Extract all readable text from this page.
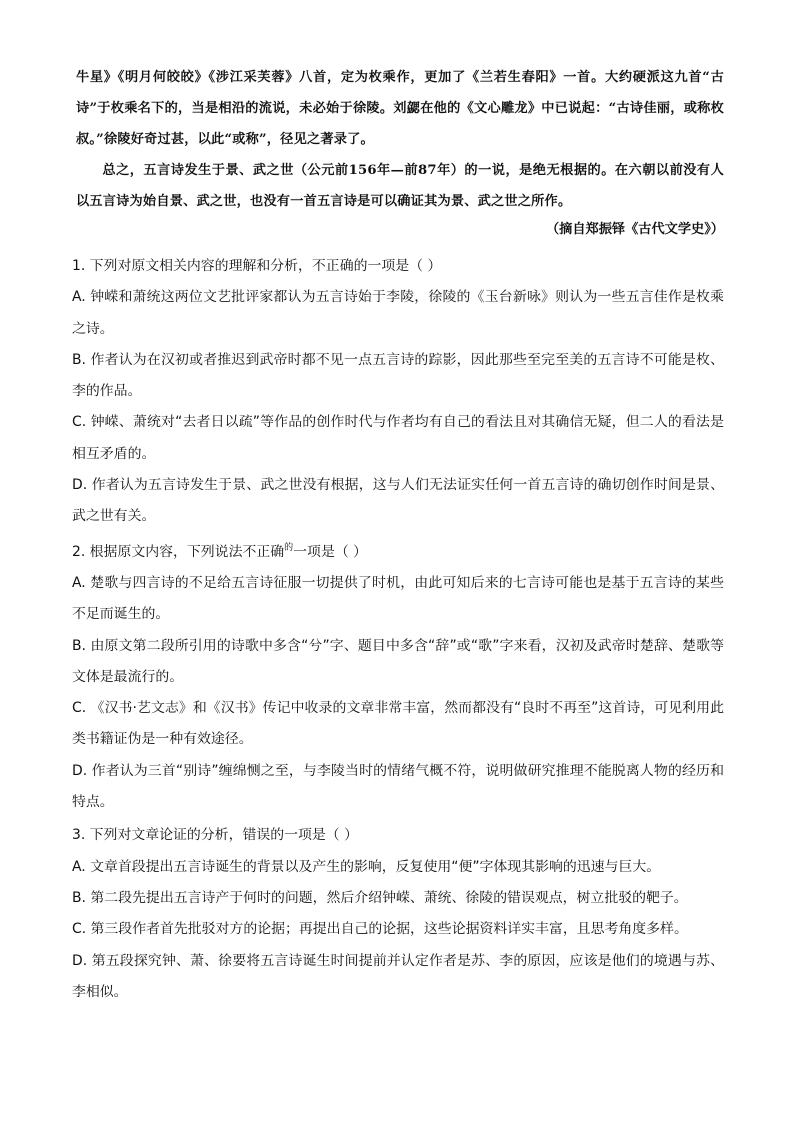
牛星》《明月何皎皎》《涉江采芙蓉》八首，定为枚乘作，更加了《兰若生春阳》一首。大约硬派这九首“古诗”于枚乘名下的，当是相沿的流说，未必始于徐陵。刘勰在他的《文心雕龙》中已说起：“古诗佳丽，或称枚叔。”徐陵好奇过甚，以此“或称”，径见之著录了。

总之，五言诗发生于景、武之世（公元前156年—前87年）的一说，是绝无根据的。在六朝以前没有人以五言诗为始自景、武之世，也没有一首五言诗是可以确证其为景、武之世之所作。

（摘自郑振铎《古代文学史》）

1. 下列对原文相关内容的理解和分析，不正确的一项是（ ）

A. 钟嵘和萧统这两位文艺批评家都认为五言诗始于李陵，徐陵的《玉台新咏》则认为一些五言佳作是枚乘之诗。

B. 作者认为在汉初或者推迟到武帝时都不见一点五言诗的踪影，因此那些至完至美的五言诗不可能是枚、李的作品。

C. 钟嵘、萧统对“去者日以疏”等作品的创作时代与作者均有自己的看法且对其确信无疑，但二人的看法是相互矛盾的。

D. 作者认为五言诗发生于景、武之世没有根据，这与人们无法证实任何一首五言诗的确切创作时间是景、武之世有关。

2. 根据原文内容，下列说法不正确$^的$一项是（ ）

A. 楚歌与四言诗的不足给五言诗征服一切提供了时机，由此可知后来的七言诗可能也是基于五言诗的某些不足而诞生的。

B. 由原文第二段所引用的诗歌中多含“兮”字、题目中多含“辞”或“歌”字来看，汉初及武帝时楚辞、楚歌等文体是最流行的。

C. 《汉书·艺文志》和《汉书》传记中收录的文章非常丰富，然而都没有“良时不再至”这首诗，可见利用此类书籍证伪是一种有效途径。

D. 作者认为三首“别诗”缠绵恻之至，与李陵当时的情绪气概不符，说明做研究推理不能脱离人物的经历和特点。

3. 下列对文章论证的分析，错误的一项是（ ）

A. 文章首段提出五言诗诞生的背景以及产生的影响，反复使用“便”字体现其影响的迅速与巨大。

B. 第二段先提出五言诗产于何时的问题，然后介绍钟嵘、萧统、徐陵的错误观点，树立批驳的靶子。

C. 第三段作者首先批驳对方的论据；再提出自己的论据，这些论据资料详实丰富，且思考角度多样。

D. 第五段探究钟、萧、徐要将五言诗诞生时间提前并认定作者是苏、李的原因，应该是他们的境遇与苏、李相似。
